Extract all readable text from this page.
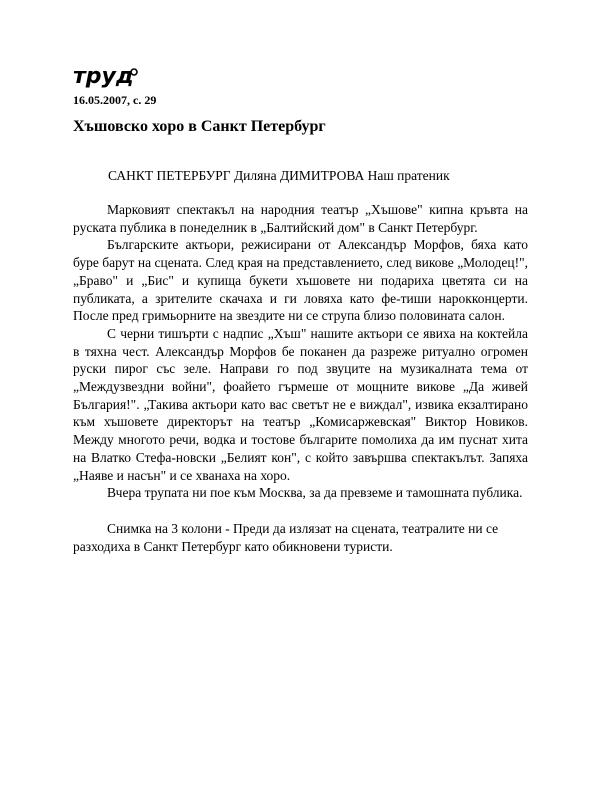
труд
16.05.2007, с. 29
Хъшовско хоро в Санкт Петербург
САНКТ ПЕТЕРБУРГ Диляна ДИМИТРОВА Наш пратеник

Марковият спектакъл на народния театър „Хъшове" кипна кръвта на руската публика в понеделник в „Балтийский дом" в Санкт Петербург.

Българските актьори, режисирани от Александър Морфов, бяха като буре барут на сцената. След края на представлението, след викове „Молодец!", „Браво" и „Бис" и купища букети хъшовете ни подариха цветята си на публиката, а зрителите скачаха и ги ловяха като фе-тиши нарокконцерти. После пред гримьорните на звездите ни се струпа близо половината салон.

С черни тишърти с надпис „Хъш" нашите актьори се явиха на коктейла в тяхна чест. Александър Морфов бе поканен да разреже ритуално огромен руски пирог със зеле. Направи го под звуците на музикалната тема от „Междузвездни войни", фоайето гърмеше от мощните викове „Да живей България!". „Такива актьори като вас светът не е виждал", извика екзалтирано към хъшовете директорът на театър „Комисаржевская" Виктор Новиков. Между многото речи, водка и тостове българите помолиха да им пуснат хита на Влатко Стефа-новски „Белият кон", с който завършва спектакълът. Запяха „Наяве и насън" и се хванаха на хоро.

Вчера трупата ни пое към Москва, за да превземе и тамошната публика.

Снимка на 3 колони - Преди да излязат на сцената, театралите ни се разходиха в Санкт Петербург като обикновени туристи.
